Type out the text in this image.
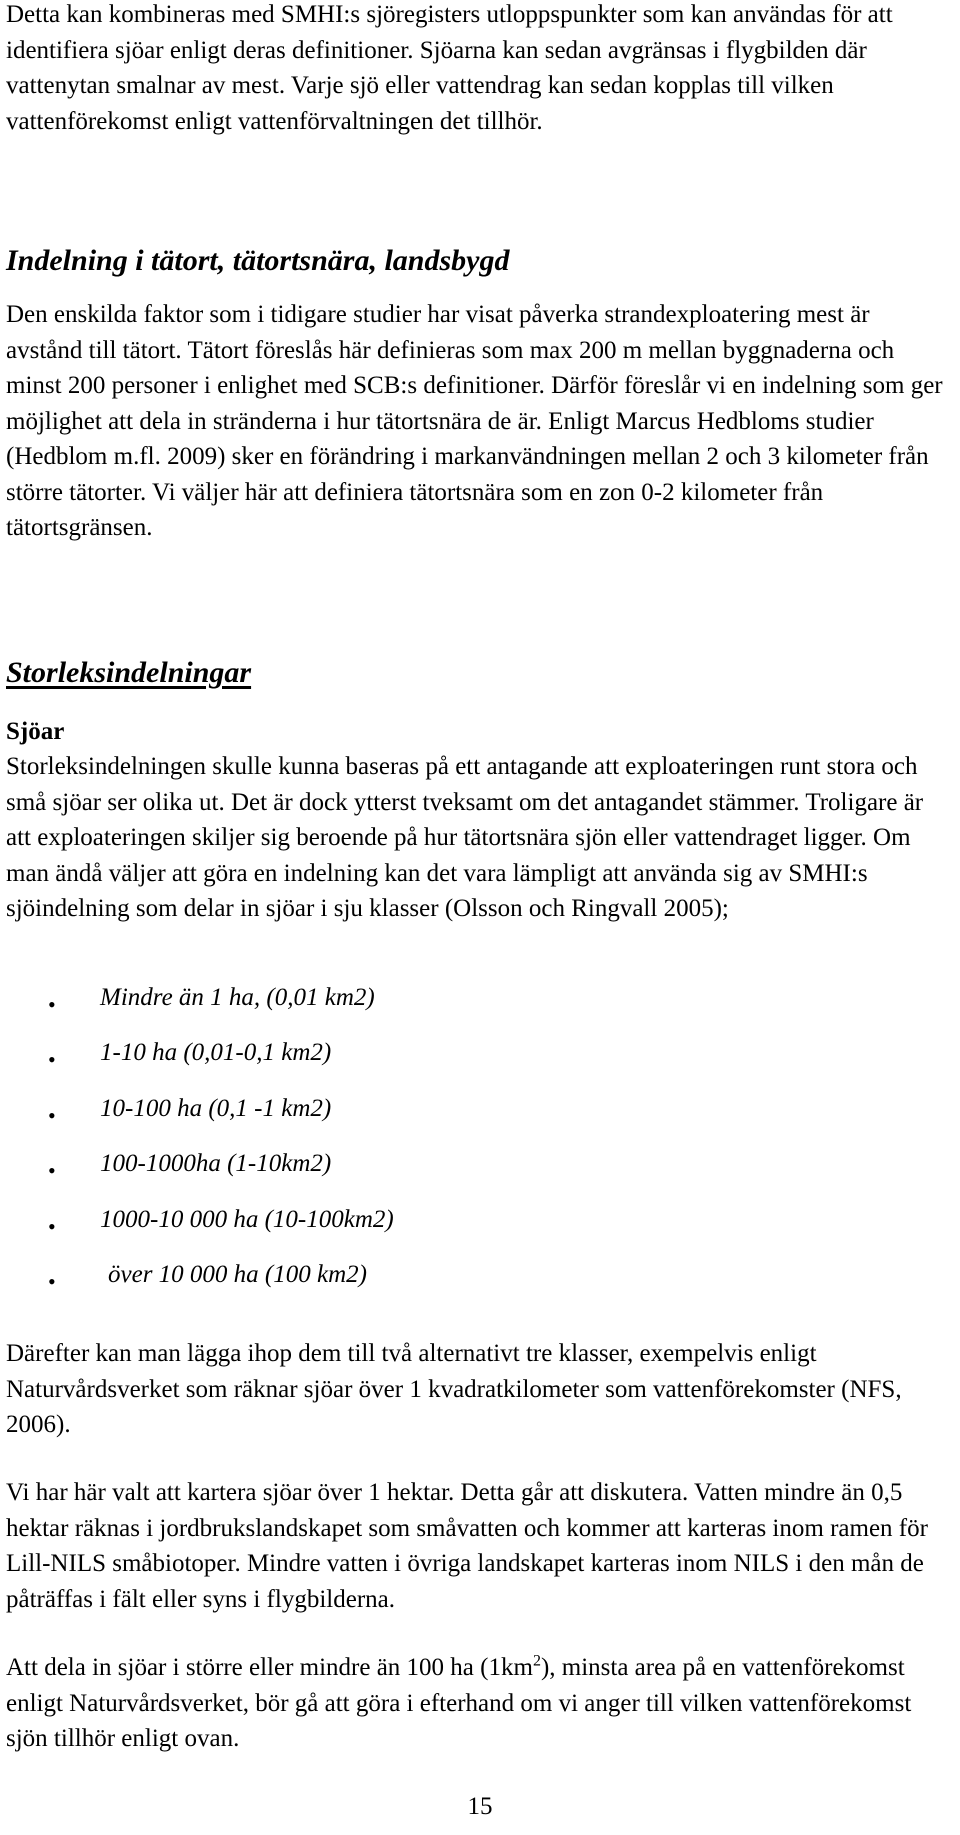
Detta kan kombineras med SMHI:s sjöregisters utloppspunkter som kan användas för att identifiera sjöar enligt deras definitioner. Sjöarna kan sedan avgränsas i flygbilden där vattenytan smalnar av mest. Varje sjö eller vattendrag kan sedan kopplas till vilken vattenförekomst enligt vattenförvaltningen det tillhör.

Indelning i tätort, tätortsnära, landsbygd

Den enskilda faktor som i tidigare studier har visat påverka strandexploatering mest är avstånd till tätort. Tätort föreslås här definieras som max 200 m mellan byggnaderna och minst 200 personer i enlighet med SCB:s definitioner. Därför föreslår vi en indelning som ger möjlighet att dela in stränderna i hur tätortsnära de är. Enligt Marcus Hedbloms studier (Hedblom m.fl. 2009) sker en förändring i markanvändningen mellan 2 och 3 kilometer från större tätorter. Vi väljer här att definiera tätortsnära som en zon 0-2 kilometer från tätortsgränsen.

Storleksindelningar
Sjöar

Storleksindelningen skulle kunna baseras på ett antagande att exploateringen runt stora och små sjöar ser olika ut. Det är dock ytterst tveksamt om det antagandet stämmer. Troligare är att exploateringen skiljer sig beroende på hur tätortsnära sjön eller vattendraget ligger. Om man ändå väljer att göra en indelning kan det vara lämpligt att använda sig av SMHI:s sjöindelning som delar in sjöar i sju klasser (Olsson och Ringvall 2005);

• Mindre än 1 ha, (0,01 km2)
• 1-10 ha (0,01-0,1 km2)
• 10-100 ha (0,1 -1 km2)
• 100-1000ha (1-10km2)
• 1000-10 000 ha (10-100km2)
• över 10 000 ha (100 km2)

Därefter kan man lägga ihop dem till två alternativt tre klasser, exempelvis enligt Naturvårdsverket som räknar sjöar över 1 kvadratkilometer som vattenförekomster (NFS, 2006).

Vi har här valt att kartera sjöar över 1 hektar. Detta går att diskutera. Vatten mindre än 0,5 hektar räknas i jordbrukslandskapet som småvatten och kommer att karteras inom ramen för Lill-NILS småbiotoper. Mindre vatten i övriga landskapet karteras inom NILS i den mån de påträffas i fält eller syns i flygbilderna.

Att dela in sjöar i större eller mindre än 100 ha $(1km^2)$, minsta area på en vattenförekomst enligt Naturvårdsverket, bör gå att göra i efterhand om vi anger till vilken vattenförekomst sjön tillhör enligt ovan.

15
